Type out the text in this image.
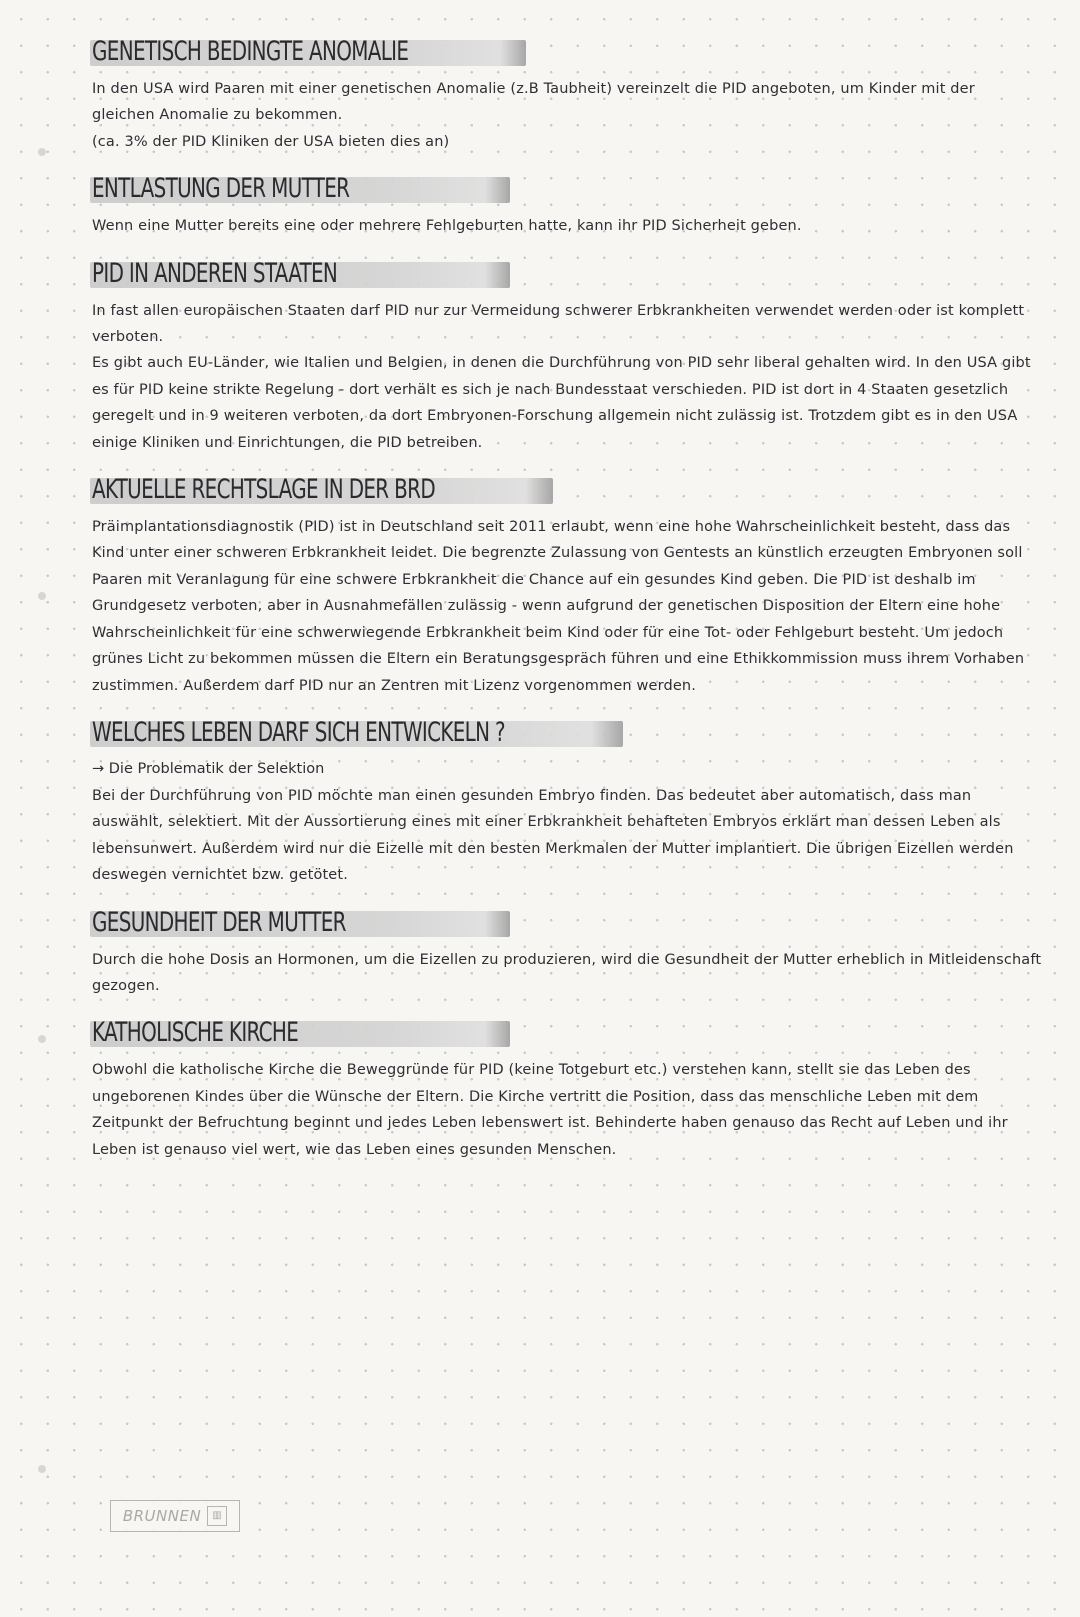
GENETISCH BEDINGTE ANOMALIE

In den USA wird Paaren mit einer genetischen Anomalie (z.B Taubheit) vereinzelt die PID angeboten, um Kinder mit der gleichen Anomalie zu bekommen.

(ca. 3% der PID Kliniken der USA bieten dies an)

ENTLASTUNG DER MUTTER

Wenn eine Mutter bereits eine oder mehrere Fehlgeburten hatte, kann ihr PID Sicherheit geben.

PID IN ANDEREN STAATEN

In fast allen europäischen Staaten darf PID nur zur Vermeidung schwerer Erbkrankheiten verwendet werden oder ist komplett verboten.

Es gibt auch EU-Länder, wie Italien und Belgien, in denen die Durchführung von PID sehr liberal gehalten wird. In den USA gibt es für PID keine strikte Regelung - dort verhält es sich je nach Bundesstaat verschieden. PID ist dort in 4 Staaten gesetzlich geregelt und in 9 weiteren verboten, da dort Embryonen-Forschung allgemein nicht zulässig ist. Trotzdem gibt es in den USA einige Kliniken und Einrichtungen, die PID betreiben.

AKTUELLE RECHTSLAGE IN DER BRD

Präimplantationsdiagnostik (PID) ist in Deutschland seit 2011 erlaubt, wenn eine hohe Wahrscheinlichkeit besteht, dass das Kind unter einer schweren Erbkrankheit leidet. Die begrenzte Zulassung von Gentests an künstlich erzeugten Embryonen soll Paaren mit Veranlagung für eine schwere Erbkrankheit die Chance auf ein gesundes Kind geben. Die PID ist deshalb im Grundgesetz verboten, aber in Ausnahmefällen zulässig - wenn aufgrund der genetischen Disposition der Eltern eine hohe Wahrscheinlichkeit für eine schwerwiegende Erbkrankheit beim Kind oder für eine Tot- oder Fehlgeburt besteht. Um jedoch grünes Licht zu bekommen müssen die Eltern ein Beratungsgespräch führen und eine Ethikkommission muss ihrem Vorhaben zustimmen. Außerdem darf PID nur an Zentren mit Lizenz vorgenommen werden.

WELCHES LEBEN DARF SICH ENTWICKELN ?

→ Die Problematik der Selektion

Bei der Durchführung von PID möchte man einen gesunden Embryo finden. Das bedeutet aber automatisch, dass man auswählt, selektiert. Mit der Aussortierung eines mit einer Erbkrankheit behafteten Embryos erklärt man dessen Leben als lebensunwert. Außerdem wird nur die Eizelle mit den besten Merkmalen der Mutter implantiert. Die übrigen Eizellen werden deswegen vernichtet bzw. getötet.

GESUNDHEIT DER MUTTER

Durch die hohe Dosis an Hormonen, um die Eizellen zu produzieren, wird die Gesundheit der Mutter erheblich in Mitleidenschaft gezogen.

KATHOLISCHE KIRCHE

Obwohl die katholische Kirche die Beweggründe für PID (keine Totgeburt etc.) verstehen kann, stellt sie das Leben des ungeborenen Kindes über die Wünsche der Eltern. Die Kirche vertritt die Position, dass das menschliche Leben mit dem Zeitpunkt der Befruchtung beginnt und jedes Leben lebenswert ist. Behinderte haben genauso das Recht auf Leben und ihr Leben ist genauso viel wert, wie das Leben eines gesunden Menschen.

BRUNNEN	▥
